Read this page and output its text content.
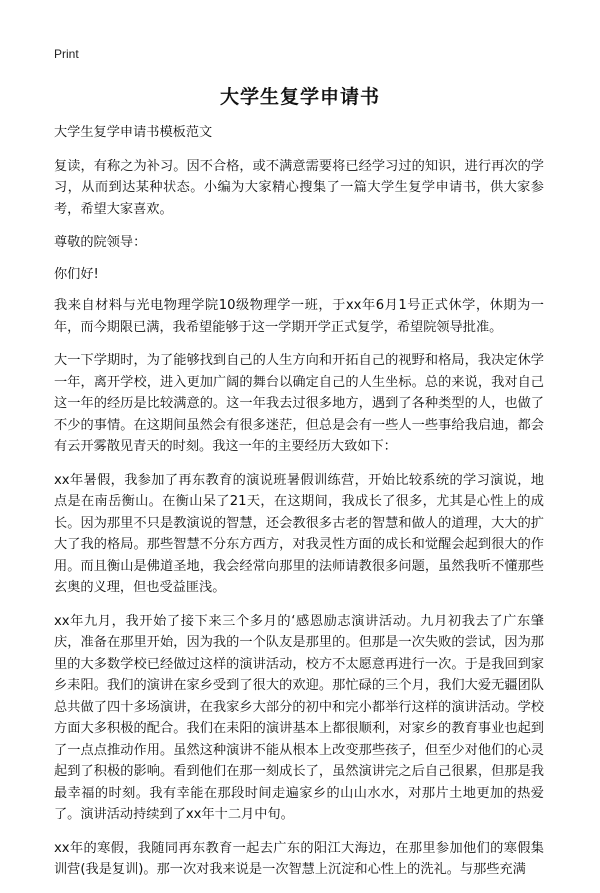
Print
大学生复学申请书

大学生复学申请书模板范文

复读，有称之为补习。因不合格，或不满意需要将已经学习过的知识，进行再次的学习，从而到达某种状态。小编为大家精心搜集了一篇大学生复学申请书，供大家参考，希望大家喜欢。

尊敬的院领导：

你们好!

我来自材料与光电物理学院10级物理学一班，于xx年6月1号正式休学，休期为一年，而今期限已满，我希望能够于这一学期开学正式复学，希望院领导批准。

大一下学期时，为了能够找到自己的人生方向和开拓自己的视野和格局，我决定休学一年，离开学校，进入更加广阔的舞台以确定自己的人生坐标。总的来说，我对自己这一年的经历是比较满意的。这一年我去过很多地方，遇到了各种类型的人，也做了不少的事情。在这期间虽然会有很多迷茫，但总是会有一些人一些事给我启迪，都会有云开雾散见青天的时刻。我这一年的主要经历大致如下：

xx年暑假，我参加了再东教育的演说班暑假训练营，开始比较系统的学习演说，地点是在南岳衡山。在衡山呆了21天，在这期间，我成长了很多，尤其是心性上的成长。因为那里不只是教演说的智慧，还会教很多古老的智慧和做人的道理，大大的扩大了我的格局。那些智慧不分东方西方，对我灵性方面的成长和觉醒会起到很大的作用。而且衡山是佛道圣地，我会经常向那里的法师请教很多问题，虽然我听不懂那些玄奥的义理，但也受益匪浅。

xx年九月，我开始了接下来三个多月的‘感恩励志演讲活动。九月初我去了广东肇庆，准备在那里开始，因为我的一个队友是那里的。但那是一次失败的尝试，因为那里的大多数学校已经做过这样的演讲活动，校方不太愿意再进行一次。于是我回到家乡耒阳。我们的演讲在家乡受到了很大的欢迎。那忙碌的三个月，我们大爱无疆团队总共做了四十多场演讲，在我家乡大部分的初中和完小都举行这样的演讲活动。学校方面大多积极的配合。我们在耒阳的演讲基本上都很顺利，对家乡的教育事业也起到了一点点推动作用。虽然这种演讲不能从根本上改变那些孩子，但至少对他们的心灵起到了积极的影响。看到他们在那一刻成长了，虽然演讲完之后自己很累，但那是我最幸福的时刻。我有幸能在那段时间走遍家乡的山山水水，对那片土地更加的热爱了。演讲活动持续到了xx年十二月中旬。

xx年的寒假，我随同再东教育一起去广东的阳江大海边，在那里参加他们的寒假集训营(我是复训)。那一次对我来说是一次智慧上沉淀和心性上的洗礼。与那些充满
